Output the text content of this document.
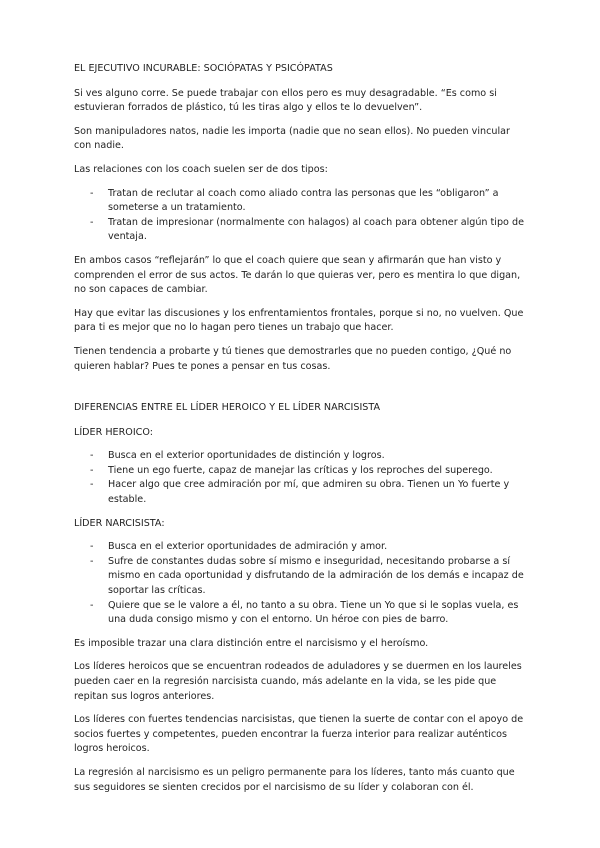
EL EJECUTIVO INCURABLE: SOCIÓPATAS Y PSICÓPATAS

Si ves alguno corre. Se puede trabajar con ellos pero es muy desagradable. “Es como si estuvieran forrados de plástico, tú les tiras algo y ellos te lo devuelven”.

Son manipuladores natos, nadie les importa (nadie que no sean ellos). No pueden vincular con nadie.

Las relaciones con los coach suelen ser de dos tipos:

- Tratan de reclutar al coach como aliado contra las personas que les “obligaron” a someterse a un tratamiento.
- Tratan de impresionar (normalmente con halagos) al coach para obtener algún tipo de ventaja.

En ambos casos “reflejarán” lo que el coach quiere que sean y afirmarán que han visto y comprenden el error de sus actos. Te darán lo que quieras ver, pero es mentira lo que digan, no son capaces de cambiar.

Hay que evitar las discusiones y los enfrentamientos frontales, porque si no, no vuelven. Que para ti es mejor que no lo hagan pero tienes un trabajo que hacer.

Tienen tendencia a probarte y tú tienes que demostrarles que no pueden contigo, ¿Qué no quieren hablar? Pues te pones a pensar en tus cosas.

DIFERENCIAS ENTRE EL LÍDER HEROICO Y EL LÍDER NARCISISTA

LÍDER HEROICO:

- Busca en el exterior oportunidades de distinción y logros.
- Tiene un ego fuerte, capaz de manejar las críticas y los reproches del superego.
- Hacer algo que cree admiración por mí, que admiren su obra. Tienen un Yo fuerte y estable.

LÍDER NARCISISTA:

- Busca en el exterior oportunidades de admiración y amor.
- Sufre de constantes dudas sobre sí mismo e inseguridad, necesitando probarse a sí mismo en cada oportunidad y disfrutando de la admiración de los demás e incapaz de soportar las críticas.
- Quiere que se le valore a él, no tanto a su obra. Tiene un Yo que si le soplas vuela, es una duda consigo mismo y con el entorno. Un héroe con pies de barro.

Es imposible trazar una clara distinción entre el narcisismo y el heroísmo.

Los líderes heroicos que se encuentran rodeados de aduladores y se duermen en los laureles pueden caer en la regresión narcisista cuando, más adelante en la vida, se les pide que repitan sus logros anteriores.

Los líderes con fuertes tendencias narcisistas, que tienen la suerte de contar con el apoyo de socios fuertes y competentes, pueden encontrar la fuerza interior para realizar auténticos logros heroicos.

La regresión al narcisismo es un peligro permanente para los líderes, tanto más cuanto que sus seguidores se sienten crecidos por el narcisismo de su líder y colaboran con él.
